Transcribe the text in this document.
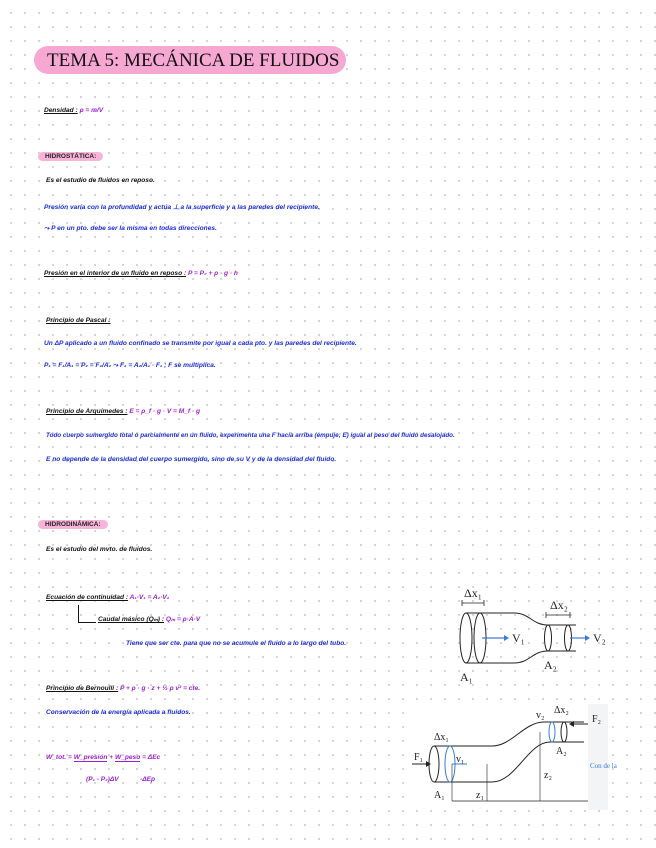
TEMA 5: MECÁNICA DE FLUIDOS
Densidad : ρ = m/V
HIDROSTÁTICA:
Es el estudio de fluidos en reposo.
Presión varía con la profundidad y actúa ⊥ a la superficie y a las paredes del recipiente.
⤳ P en un pto. debe ser la misma en todas direcciones.
Presión en el interior de un fluido en reposo : P = P₀ + ρ · g · h
Principio de Pascal :
Un ΔP aplicado a un fluido confinado se transmite por igual a cada pto. y las paredes del recipiente.
P₁ = F₁/A₁ = P₂ = F₂/A₂ ⤳ F₂ = A₂/A₁ · F₁ ; F se multiplica.
Principio de Arquímedes : E = ρ_f · g · V = M_f · g
Todo cuerpo sumergido total o parcialmente en un fluido, experimenta una F hacia arriba (empuje; E) igual al peso del fluido desalojado.
E no depende de la densidad del cuerpo sumergido, sino de su V y de la densidad del fluido.
HIDRODINÁMICA:
Es el estudio del mvto. de fluidos.
Ecuación de continuidad : A₁·V₁ = A₂·V₂
Caudal másico (Qₘ) : Qₘ = ρ·A·V
Tiene que ser cte. para que no se acumule el fluido a lo largo del tubo.
Principio de Bernoulli : P + ρ · g · z + ½ ρ v² = cte.
Conservación de la energía aplicada a fluidos.
W_tot. = W_presión + W_peso = ΔEc
(P₁ - P₂)ΔV	-ΔEp
Δx₁
Δx₂
V₁	V₂
A₁
A₂
Con de la
Δx₁
Δx₂
F₁
F₂
v₁
v₂
A₁
A₂
z₁
z₂
